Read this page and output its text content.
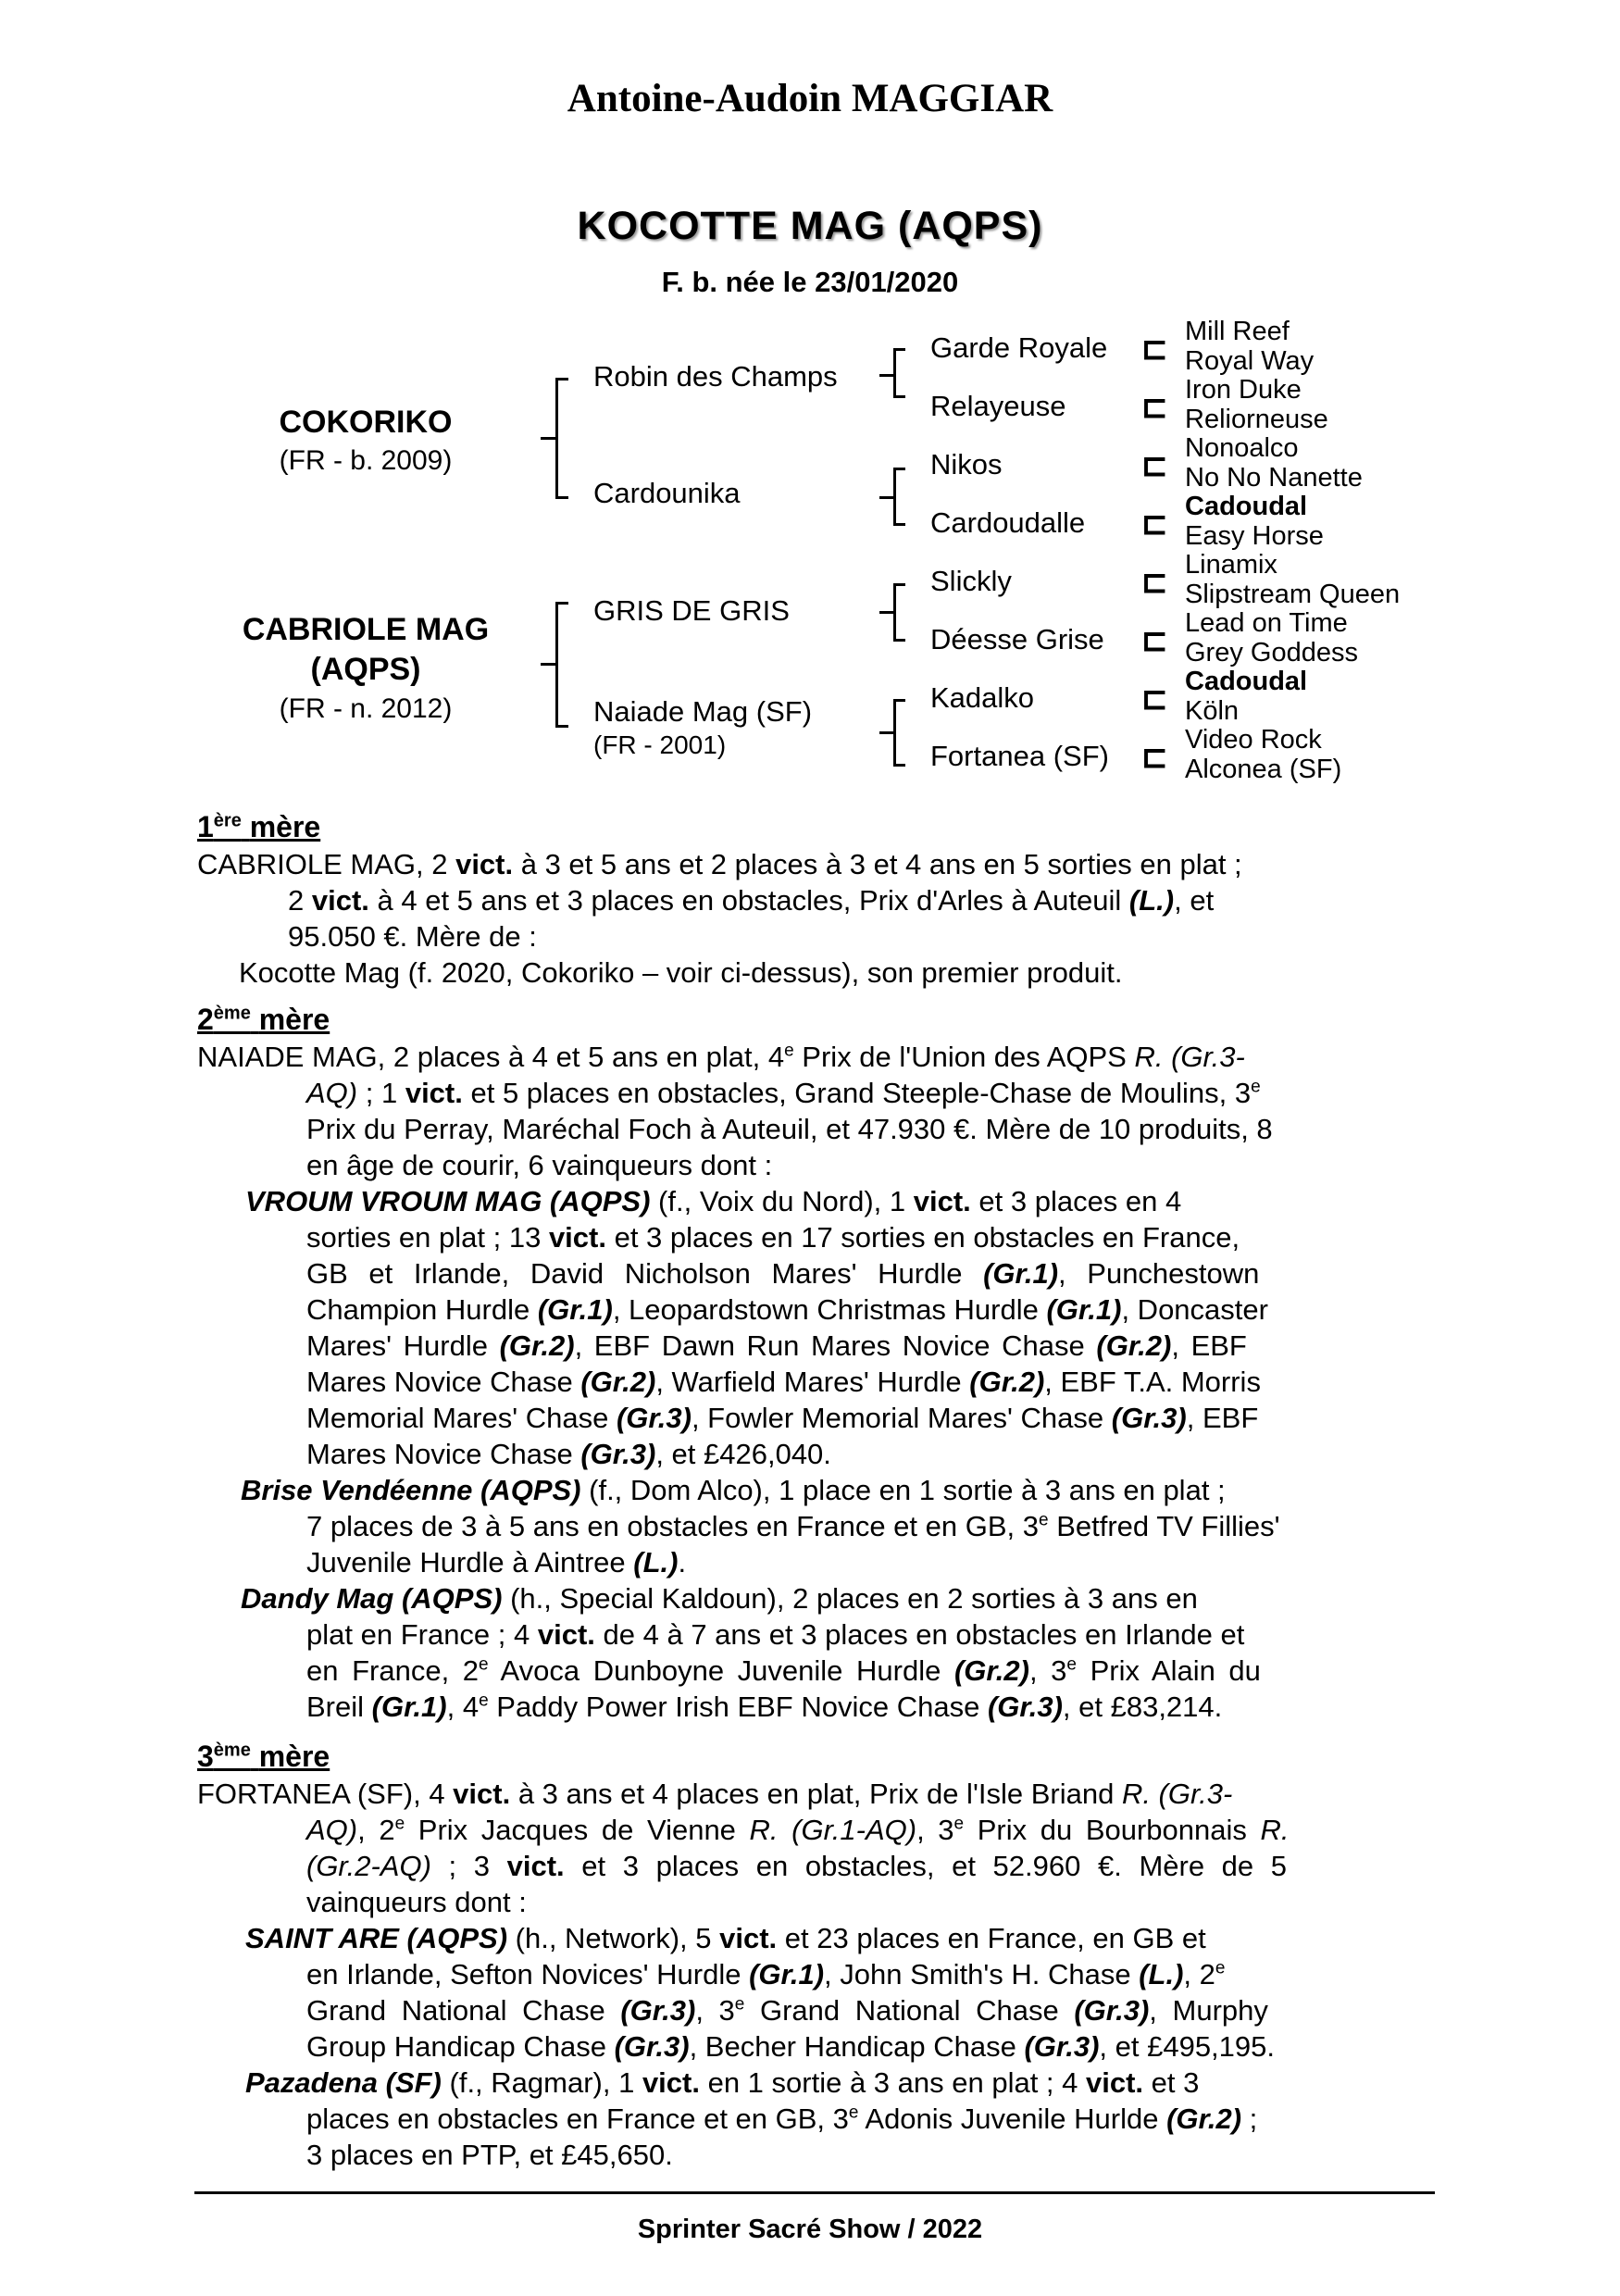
Antoine-Audoin MAGGIAR
KOCOTTE MAG (AQPS)
F. b. née le 23/01/2020
COKORIKO
(FR - b. 2009)
CABRIOLE MAG
(AQPS)
(FR - n. 2012)
Robin des Champs
Cardounika
GRIS DE GRIS
Naiade Mag (SF)
(FR - 2001)
Garde Royale
Relayeuse
Nikos
Cardoudalle
Slickly
Déesse Grise
Kadalko
Fortanea (SF)
⊏
⊏
⊏
⊏
⊏
⊏
⊏
⊏
Mill Reef
Royal Way
Iron Duke
Reliorneuse
Nonoalco
No No Nanette
Cadoudal
Easy Horse
Linamix
Slipstream Queen
Lead on Time
Grey Goddess
Cadoudal
Köln
Video Rock
Alconea (SF)
1ère mère
CABRIOLE MAG, 2 vict. à 3 et 5 ans et 2 places à 3 et 4 ans en 5 sorties en plat ;
2 vict. à 4 et 5 ans et 3 places en obstacles, Prix d'Arles à Auteuil (L.), et
95.050 €. Mère de :
Kocotte Mag (f. 2020, Cokoriko – voir ci-dessus), son premier produit.
2ème mère
NAIADE MAG, 2 places à 4 et 5 ans en plat, 4e Prix de l'Union des AQPS R. (Gr.3-
AQ) ; 1 vict. et 5 places en obstacles, Grand Steeple-Chase de Moulins, 3e
Prix du Perray, Maréchal Foch à Auteuil, et 47.930 €. Mère de 10 produits, 8
en âge de courir, 6 vainqueurs dont :
VROUM VROUM MAG (AQPS) (f., Voix du Nord), 1 vict. et 3 places en 4
sorties en plat ; 13 vict. et 3 places en 17 sorties en obstacles en France,
GB et Irlande, David Nicholson Mares' Hurdle (Gr.1), Punchestown
Champion Hurdle (Gr.1), Leopardstown Christmas Hurdle (Gr.1), Doncaster
Mares' Hurdle (Gr.2), EBF Dawn Run Mares Novice Chase (Gr.2), EBF
Mares Novice Chase (Gr.2), Warfield Mares' Hurdle (Gr.2), EBF T.A. Morris
Memorial Mares' Chase (Gr.3), Fowler Memorial Mares' Chase (Gr.3), EBF
Mares Novice Chase (Gr.3), et £426,040.
Brise Vendéenne (AQPS) (f., Dom Alco), 1 place en 1 sortie à 3 ans en plat ;
7 places de 3 à 5 ans en obstacles en France et en GB, 3e Betfred TV Fillies'
Juvenile Hurdle à Aintree (L.).
Dandy Mag (AQPS) (h., Special Kaldoun), 2 places en 2 sorties à 3 ans en
plat en France ; 4 vict. de 4 à 7 ans et 3 places en obstacles en Irlande et
en France, 2e Avoca Dunboyne Juvenile Hurdle (Gr.2), 3e Prix Alain du
Breil (Gr.1), 4e Paddy Power Irish EBF Novice Chase (Gr.3), et £83,214.
3ème mère
FORTANEA (SF), 4 vict. à 3 ans et 4 places en plat, Prix de l'Isle Briand R. (Gr.3-
AQ), 2e Prix Jacques de Vienne R. (Gr.1-AQ), 3e Prix du Bourbonnais R.
(Gr.2-AQ) ; 3 vict. et 3 places en obstacles, et 52.960 €. Mère de 5
vainqueurs dont :
SAINT ARE (AQPS) (h., Network), 5 vict. et 23 places en France, en GB et
en Irlande, Sefton Novices' Hurdle (Gr.1), John Smith's H. Chase (L.), 2e
Grand National Chase (Gr.3), 3e Grand National Chase (Gr.3), Murphy
Group Handicap Chase (Gr.3), Becher Handicap Chase (Gr.3), et £495,195.
Pazadena (SF) (f., Ragmar), 1 vict. en 1 sortie à 3 ans en plat ; 4 vict. et 3
places en obstacles en France et en GB, 3e Adonis Juvenile Hurlde (Gr.2) ;
3 places en PTP, et £45,650.
Sprinter Sacré Show / 2022
